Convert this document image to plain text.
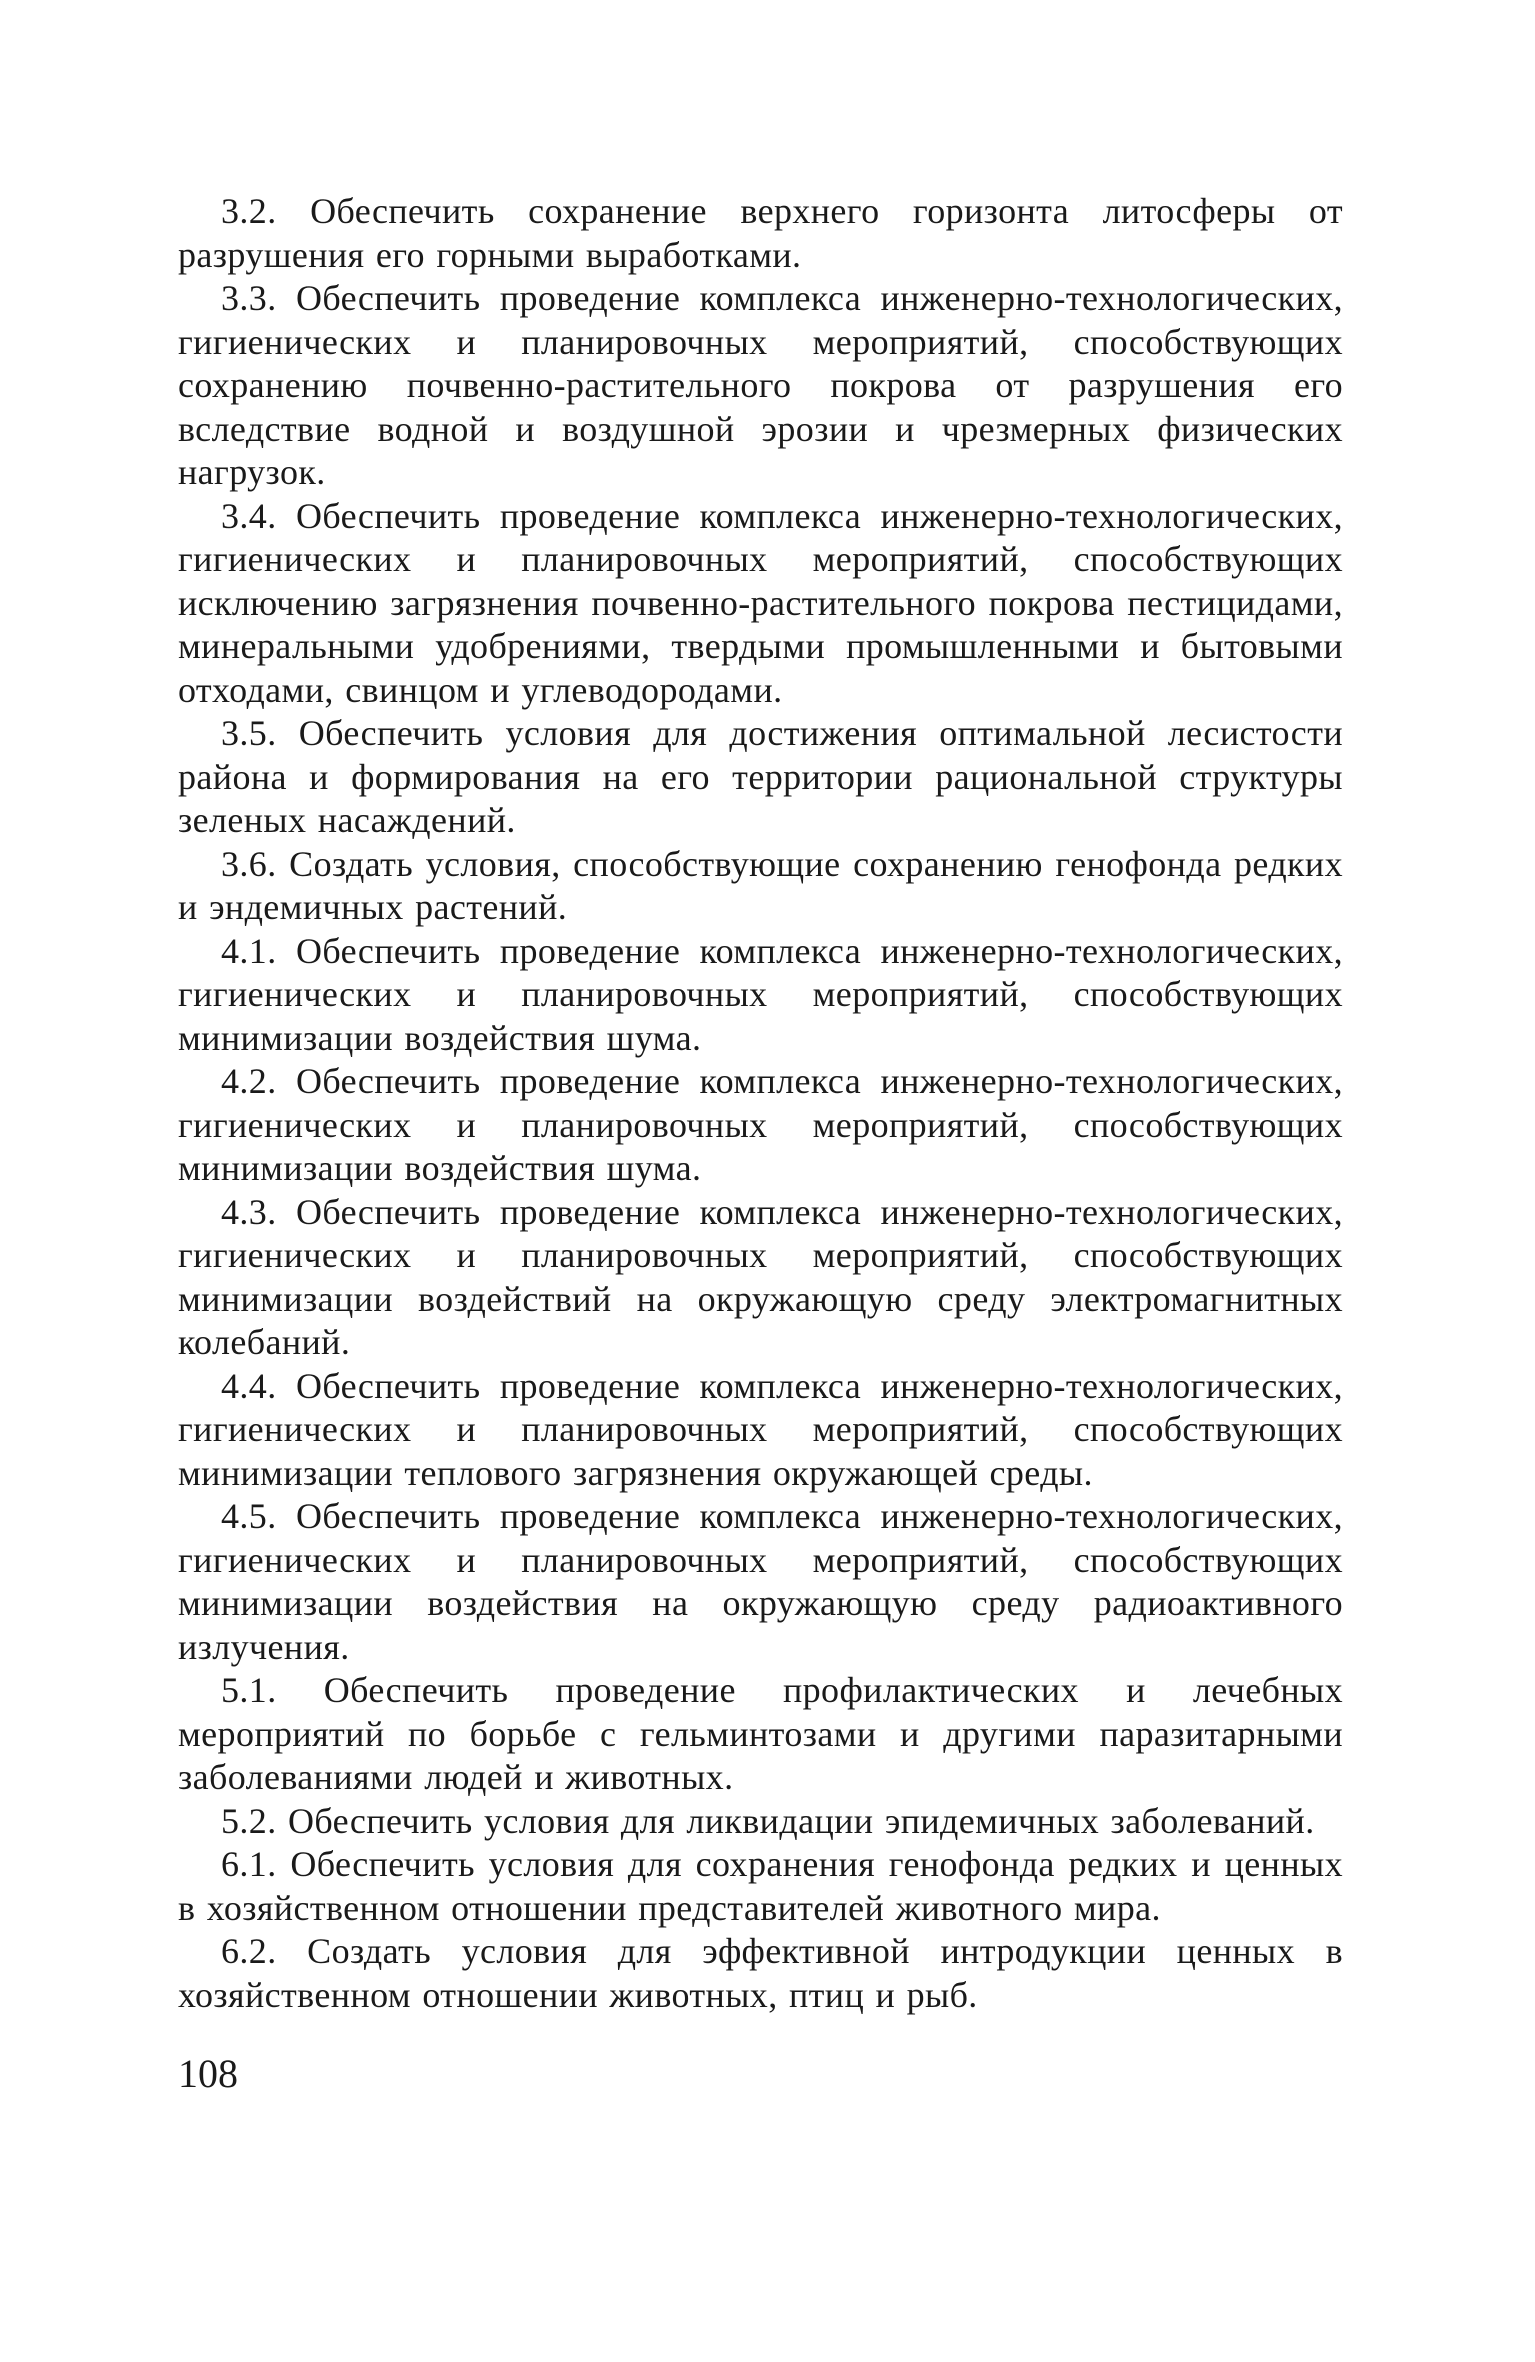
3.2. Обеспечить сохранение верхнего горизонта литосферы от разрушения его горными выработками.

3.3. Обеспечить проведение комплекса инженерно-технологических, гигиенических и планировочных мероприятий, способствующих сохранению почвенно-растительного покрова от разрушения его вследствие водной и воздушной эрозии и чрезмерных физических нагрузок.

3.4. Обеспечить проведение комплекса инженерно-технологических, гигиенических и планировочных мероприятий, способствующих исключению загрязнения почвенно-растительного покрова пестицидами, минеральными удобрениями, твердыми промышленными и бытовыми отходами, свинцом и углеводородами.

3.5. Обеспечить условия для достижения оптимальной лесистости района и формирования на его территории рациональной структуры зеленых насаждений.

3.6. Создать условия, способствующие сохранению генофонда редких и эндемичных растений.

4.1. Обеспечить проведение комплекса инженерно-технологических, гигиенических и планировочных мероприятий, способствующих минимизации воздействия шума.

4.2. Обеспечить проведение комплекса инженерно-технологических, гигиенических и планировочных мероприятий, способствующих минимизации воздействия шума.

4.3. Обеспечить проведение комплекса инженерно-технологических, гигиенических и планировочных мероприятий, способствующих минимизации воздействий на окружающую среду электромагнитных колебаний.

4.4. Обеспечить проведение комплекса инженерно-технологических, гигиенических и планировочных мероприятий, способствующих минимизации теплового загрязнения окружающей среды.

4.5. Обеспечить проведение комплекса инженерно-технологических, гигиенических и планировочных мероприятий, способствующих минимизации воздействия на окружающую среду радиоактивного излучения.

5.1. Обеспечить проведение профилактических и лечебных мероприятий по борьбе с гельминтозами и другими паразитарными заболеваниями людей и животных.

5.2. Обеспечить условия для ликвидации эпидемичных заболеваний.

6.1. Обеспечить условия для сохранения генофонда редких и ценных в хозяйственном отношении представителей животного мира.

6.2. Создать условия для эффективной интродукции ценных в хозяйственном отношении животных, птиц и рыб.

108
